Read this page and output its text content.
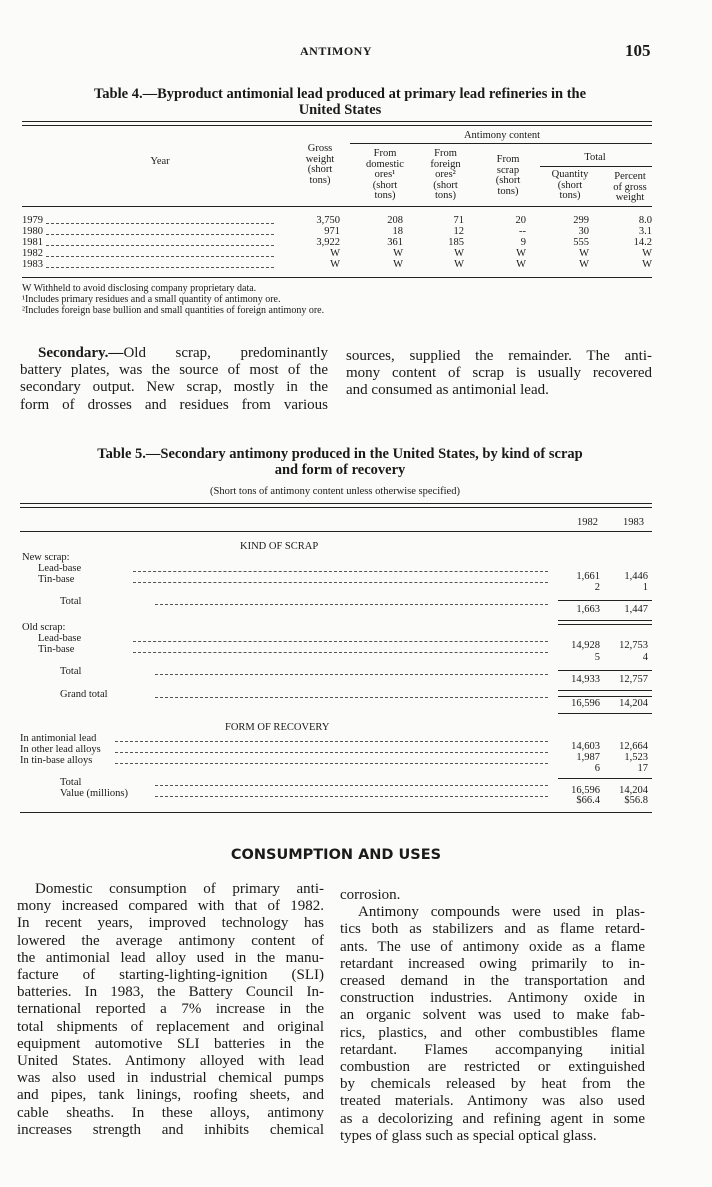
ANTIMONY	105
Table 4.—Byproduct antimonial lead produced at primary lead refineries in the
United States
Antimony content
Year
Gross
weight
(short
tons)
From
domestic
ores¹
(short
tons)
From
foreign
ores²
(short
tons)
From
scrap
(short
tons)
Total
Quantity
(short
tons)
Percent
of gross
weight
1979	3,750	208	71	20	299	8.0
1980	971	18	12	--	30	3.1
1981	3,922	361	185	9	555	14.2
1982	W	W	W	W	W	W
1983	W	W	W	W	W	W
W Withheld to avoid disclosing company proprietary data.
¹Includes primary residues and a small quantity of antimony ore.
²Includes foreign base bullion and small quantities of foreign antimony ore.
Secondary.—Old scrap, predominantly
battery plates, was the source of most of the
secondary output. New scrap, mostly in the
form of drosses and residues from various
sources, supplied the remainder. The anti-
mony content of scrap is usually recovered
and consumed as antimonial lead.
Table 5.—Secondary antimony produced in the United States, by kind of scrap
and form of recovery
(Short tons of antimony content unless otherwise specified)
1982 1983
KIND OF SCRAP
New scrap:
Old scrap:
FORM OF RECOVERY
Lead-base
1,661	1,446
Tin-base
2	1
Total
1,663	1,447
Lead-base
14,928	12,753
Tin-base
5	4
Total
14,933	12,757
Grand total
16,596	14,204
In antimonial lead
14,603	12,664
In other lead alloys
1,987	1,523
In tin-base alloys
6	17
Total
16,596	14,204
Value (millions)
$66.4	$56.8
CONSUMPTION AND USES
Domestic consumption of primary anti-
mony increased compared with that of 1982.
In recent years, improved technology has
lowered the average antimony content of
the antimonial lead alloy used in the manu-
facture of starting-lighting-ignition (SLI)
batteries. In 1983, the Battery Council In-
ternational reported a 7% increase in the
total shipments of replacement and original
equipment automotive SLI batteries in the
United States. Antimony alloyed with lead
was also used in industrial chemical pumps
and pipes, tank linings, roofing sheets, and
cable sheaths. In these alloys, antimony
increases strength and inhibits chemical
corrosion.
Antimony compounds were used in plas-
tics both as stabilizers and as flame retard-
ants. The use of antimony oxide as a flame
retardant increased owing primarily to in-
creased demand in the transportation and
construction industries. Antimony oxide in
an organic solvent was used to make fab-
rics, plastics, and other combustibles flame
retardant. Flames accompanying initial
combustion are restricted or extinguished
by chemicals released by heat from the
treated materials. Antimony was also used
as a decolorizing and refining agent in some
types of glass such as special optical glass.
